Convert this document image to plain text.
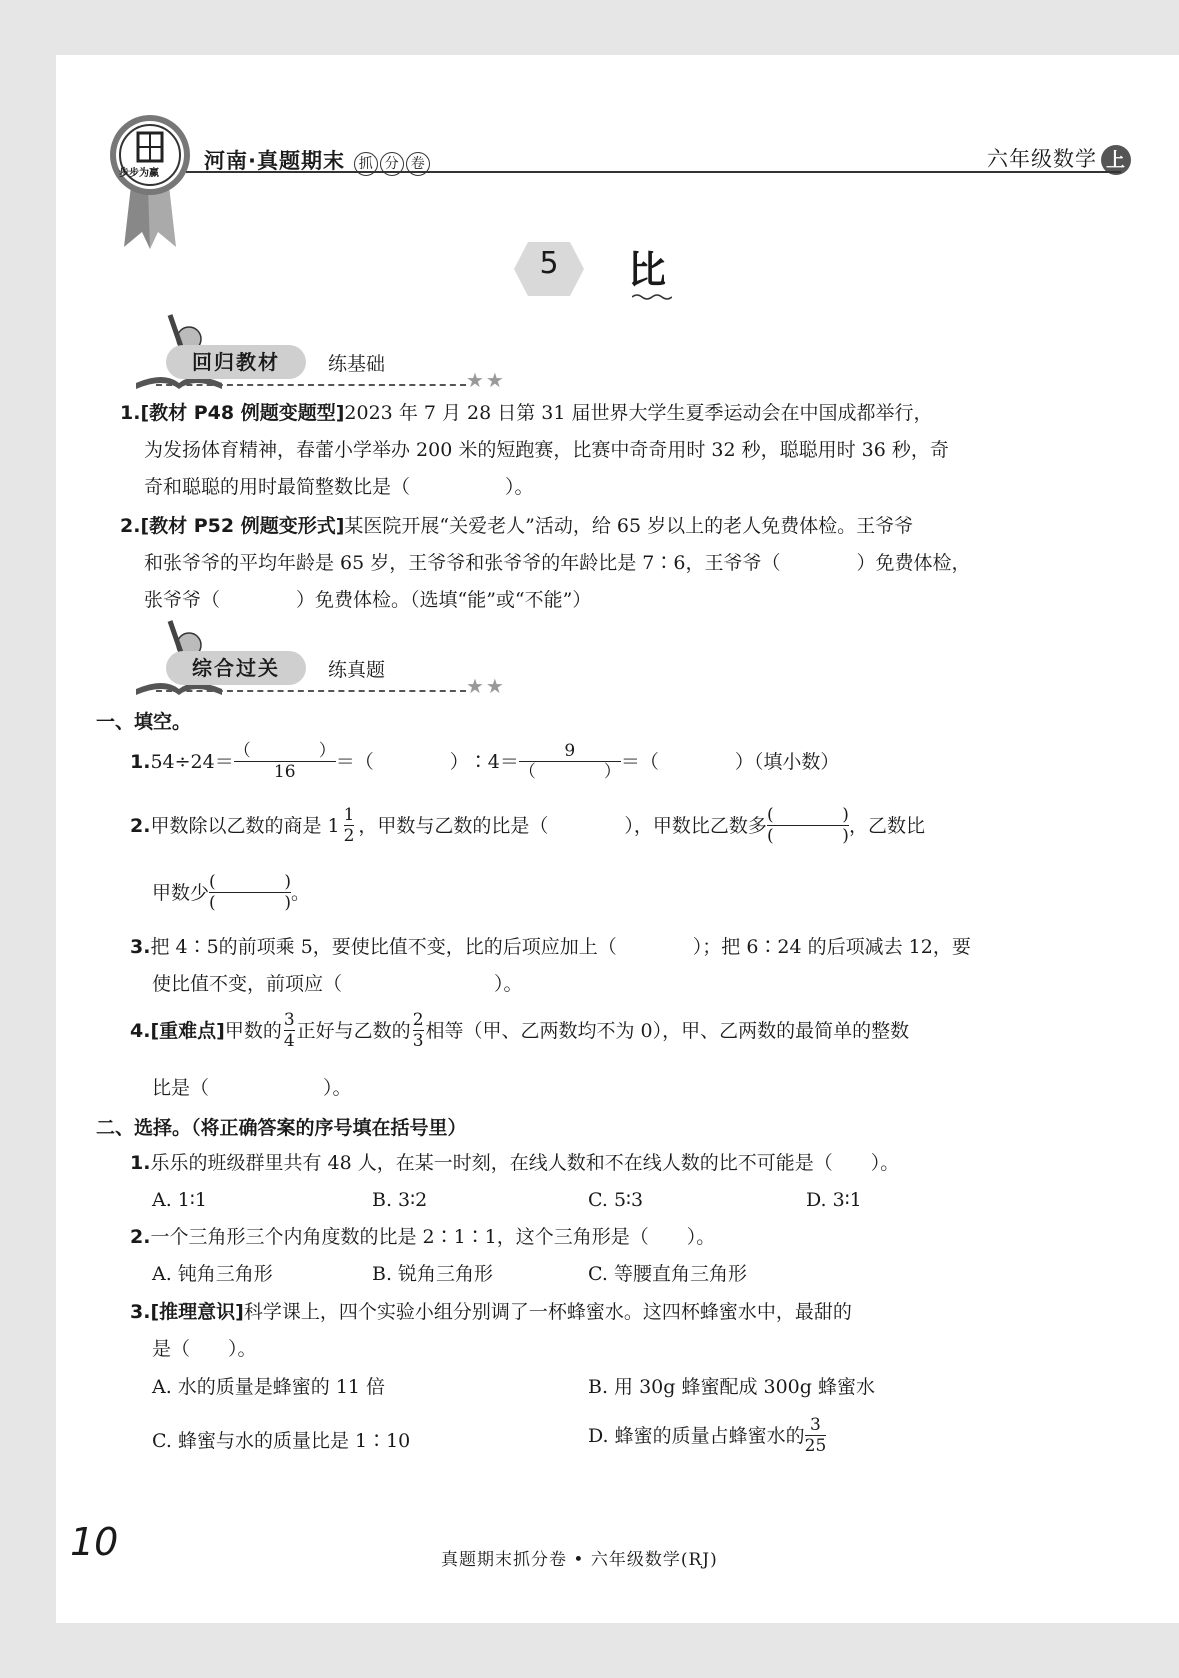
步步为赢
河南·真题期末 抓 分 卷	六年级数学 上
5	比
回归教材	练基础
★★
1.[教材 P48 例题变题型]2023 年 7 月 28 日第 31 届世界大学生夏季运动会在中国成都举行，
为发扬体育精神，春蕾小学举办 200 米的短跑赛，比赛中奇奇用时 32 秒，聪聪用时 36 秒，奇
奇和聪聪的用时最简整数比是（　　　　　）。
2.[教材 P52 例题变形式]某医院开展“关爱老人”活动，给 65 岁以上的老人免费体检。王爷爷
和张爷爷的平均年龄是 65 岁，王爷爷和张爷爷的年龄比是 7∶6，王爷爷（　　　　）免费体检，
张爷爷（　　　　）免费体检。（选填“能”或“不能”）
综合过关	练真题
★★
一、填空。
1. $54\div 24= \frac{( )}{16}$ ＝（　　　　）∶4＝ $\frac{9}{( )}$ ＝（　　　　）（填小数）
2. 甲数除以乙数的商是 $1 \frac{1}{2}$ ，甲数与乙数的比是（　　　　），甲数比乙数多 (	)
(	) ，乙数比
甲数少 (	)
(	) 。
3.把 4∶5的前项乘 5，要使比值不变，比的后项应加上（　　　　）；把 6∶24 的后项减去 12，要
使比值不变，前项应（　　　　　　　　）。
4. [重难点] 甲数的 $\frac{3}{4}$ 正好与乙数的 $\frac{2}{3}$ 相等（甲、乙两数均不为 0），甲、乙两数的最简单的整数
比是（　　　　　　）。
二、选择。（将正确答案的序号填在括号里）
1.乐乐的班级群里共有 48 人，在某一时刻，在线人数和不在线人数的比不可能是（　　）。
A. 1∶1	B. 3∶2	C. 5∶3	D. 3∶1
2.一个三角形三个内角度数的比是 2∶1∶1，这个三角形是（　　）。
A. 钝角三角形	B. 锐角三角形	C. 等腰直角三角形
3.[推理意识]科学课上，四个实验小组分别调了一杯蜂蜜水。这四杯蜂蜜水中，最甜的
是（　　）。
A. 水的质量是蜂蜜的 11 倍	B. 用 30g 蜂蜜配成 300g 蜂蜜水
C. 蜂蜜与水的质量比是 1∶10	D. 蜂蜜的质量占蜂蜜水的 $\frac{3}{25}$
10	真题期末抓分卷 • 六年级数学(RJ)
